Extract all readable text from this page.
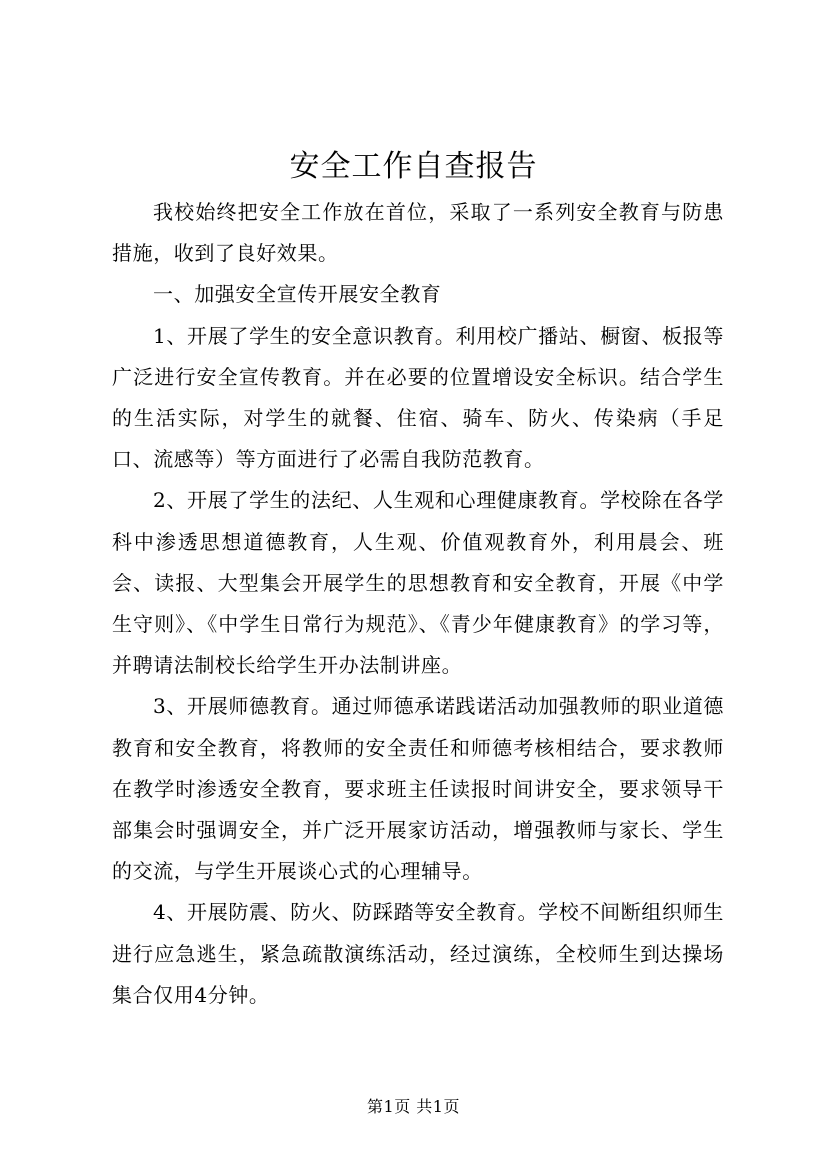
安全工作自查报告

我校始终把安全工作放在首位，采取了一系列安全教育与防患措施，收到了良好效果。

一、加强安全宣传开展安全教育

1、开展了学生的安全意识教育。利用校广播站、橱窗、板报等广泛进行安全宣传教育。并在必要的位置增设安全标识。结合学生的生活实际，对学生的就餐、住宿、骑车、防火、传染病（手足口、流感等）等方面进行了必需自我防范教育。

2、开展了学生的法纪、人生观和心理健康教育。学校除在各学科中渗透思想道德教育，人生观、价值观教育外，利用晨会、班会、读报、大型集会开展学生的思想教育和安全教育，开展《中学生守则》、《中学生日常行为规范》、《青少年健康教育》的学习等，并聘请法制校长给学生开办法制讲座。

3、开展师德教育。通过师德承诺践诺活动加强教师的职业道德教育和安全教育，将教师的安全责任和师德考核相结合，要求教师在教学时渗透安全教育，要求班主任读报时间讲安全，要求领导干部集会时强调安全，并广泛开展家访活动，增强教师与家长、学生的交流，与学生开展谈心式的心理辅导。

4、开展防震、防火、防踩踏等安全教育。学校不间断组织师生进行应急逃生，紧急疏散演练活动，经过演练，全校师生到达操场集合仅用4分钟。

第1页 共1页
